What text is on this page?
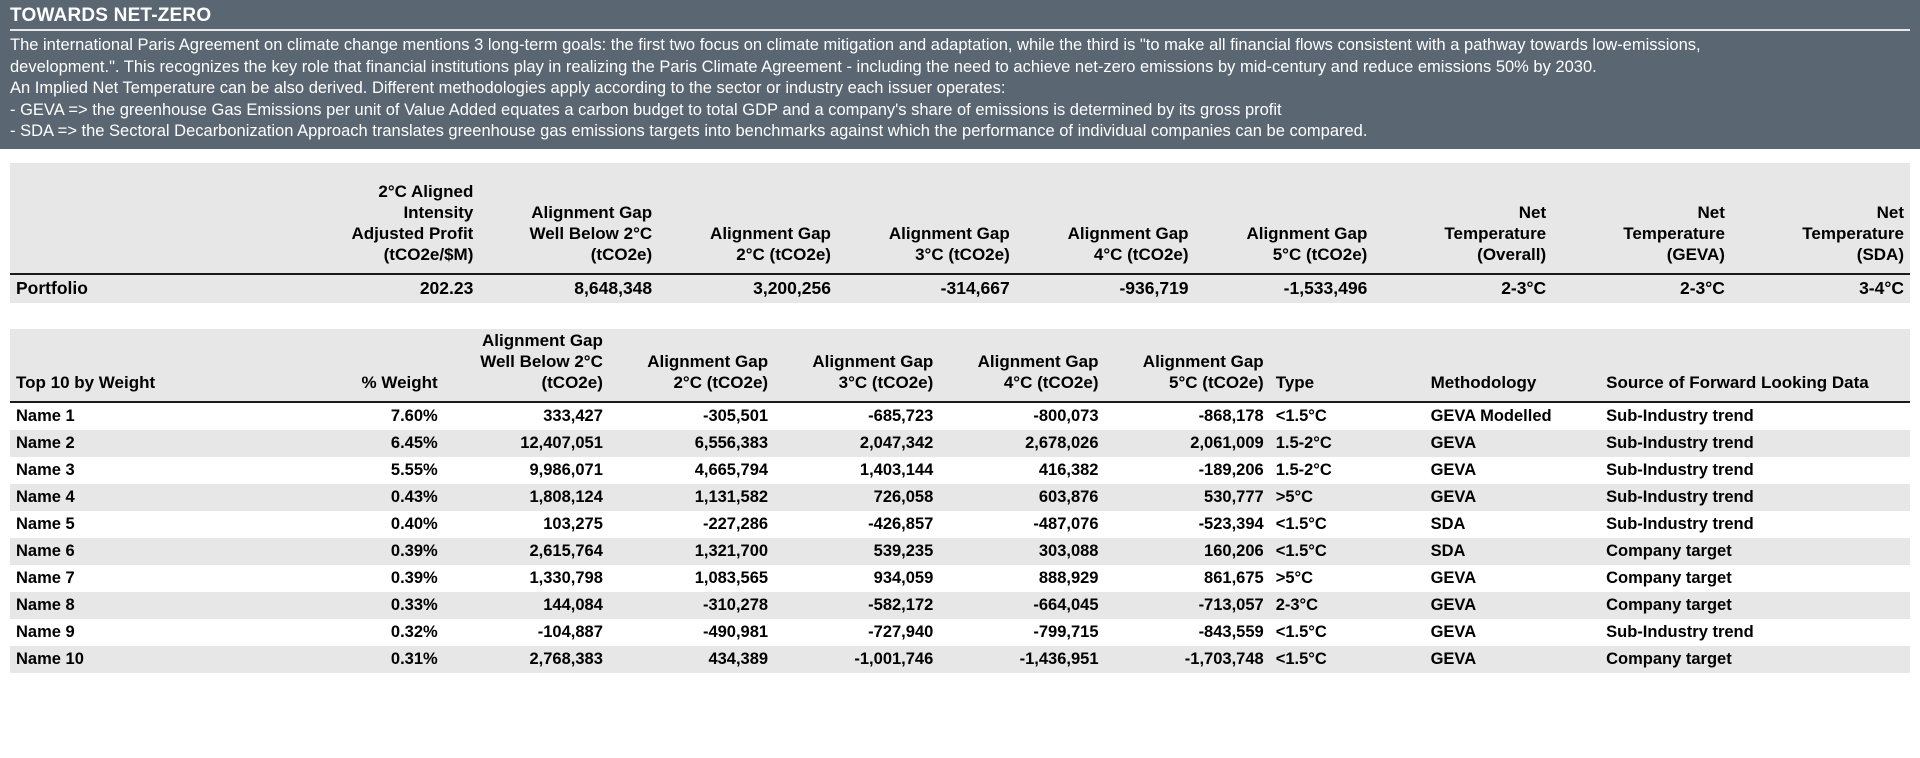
TOWARDS NET-ZERO
The international Paris Agreement on climate change mentions 3 long-term goals: the first two focus on climate mitigation and adaptation, while the third is "to make all financial flows consistent with a pathway towards low-emissions,
development.". This recognizes the key role that financial institutions play in realizing the Paris Climate Agreement - including the need to achieve net-zero emissions by mid-century and reduce emissions 50% by 2030.
An Implied Net Temperature can be also derived. Different methodologies apply according to the sector or industry each issuer operates:
- GEVA => the greenhouse Gas Emissions per unit of Value Added equates a carbon budget to total GDP and a company's share of emissions is determined by its gross profit
- SDA => the Sectoral Decarbonization Approach translates greenhouse gas emissions targets into benchmarks against which the performance of individual companies can be compared.

	2°C Aligned
Intensity
Adjusted Profit
(tCO2e/$M)	Alignment Gap
Well Below 2°C
(tCO2e)	Alignment Gap
2°C (tCO2e)	Alignment Gap
3°C (tCO2e)	Alignment Gap
4°C (tCO2e)	Alignment Gap
5°C (tCO2e)	Net
Temperature
(Overall)	Net
Temperature
(GEVA)	Net
Temperature
(SDA)

Portfolio	202.23	8,648,348	3,200,256	-314,667	-936,719	-1,533,496	2-3°C	2-3°C	3-4°C
Top 10 by Weight	% Weight	Alignment Gap
Well Below 2°C
(tCO2e)	Alignment Gap
2°C (tCO2e)	Alignment Gap
3°C (tCO2e)	Alignment Gap
4°C (tCO2e)	Alignment Gap
5°C (tCO2e)	Type	Methodology	Source of Forward Looking Data

Name 1	7.60%	333,427	-305,501	-685,723	-800,073	-868,178	<1.5°C	GEVA Modelled	Sub-Industry trend
Name 2	6.45%	12,407,051	6,556,383	2,047,342	2,678,026	2,061,009	1.5-2°C	GEVA	Sub-Industry trend
Name 3	5.55%	9,986,071	4,665,794	1,403,144	416,382	-189,206	1.5-2°C	GEVA	Sub-Industry trend
Name 4	0.43%	1,808,124	1,131,582	726,058	603,876	530,777	>5°C	GEVA	Sub-Industry trend
Name 5	0.40%	103,275	-227,286	-426,857	-487,076	-523,394	<1.5°C	SDA	Sub-Industry trend
Name 6	0.39%	2,615,764	1,321,700	539,235	303,088	160,206	<1.5°C	SDA	Company target
Name 7	0.39%	1,330,798	1,083,565	934,059	888,929	861,675	>5°C	GEVA	Company target
Name 8	0.33%	144,084	-310,278	-582,172	-664,045	-713,057	2-3°C	GEVA	Company target
Name 9	0.32%	-104,887	-490,981	-727,940	-799,715	-843,559	<1.5°C	GEVA	Sub-Industry trend
Name 10	0.31%	2,768,383	434,389	-1,001,746	-1,436,951	-1,703,748	<1.5°C	GEVA	Company target
